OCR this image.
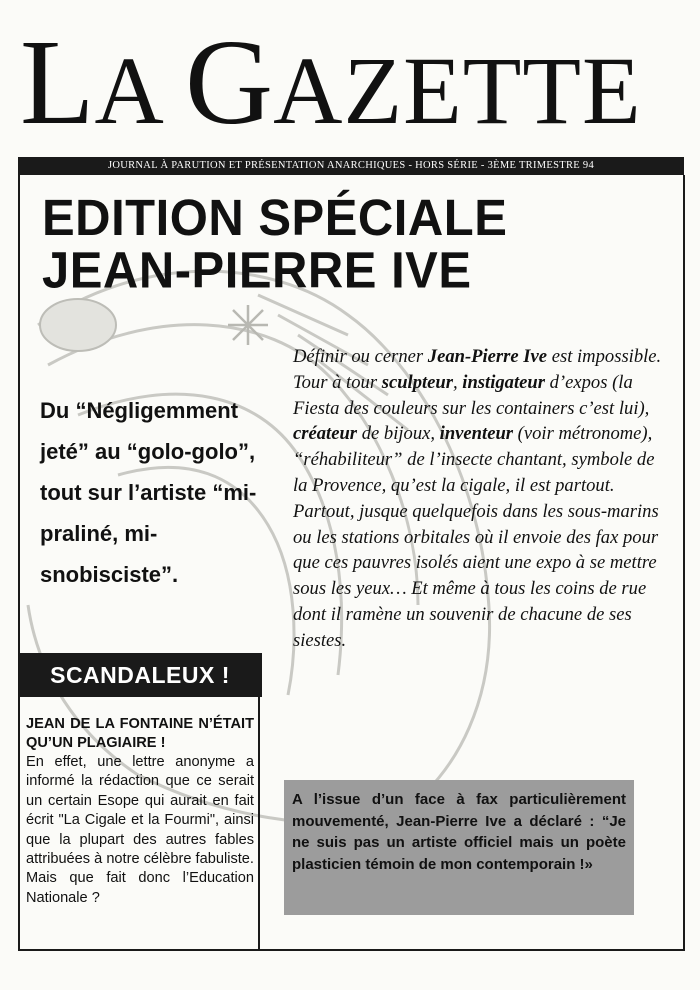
LA GAZETTE
JOURNAL À PARUTION ET PRÉSENTATION ANARCHIQUES - HORS SÉRIE - 3ÈME TRIMESTRE 94
EDITION SPÉCIALE
JEAN-PIERRE IVE
Du “Négligemment jeté” au “golo-golo”, tout sur l’artiste “mi-praliné, mi-snobisciste”.
Définir ou cerner Jean-Pierre Ive est impossible. Tour à tour sculpteur, instigateur d’expos (la Fiesta des couleurs sur les containers c’est lui), créateur de bijoux, inventeur (voir métronome), “réhabiliteur” de l’insecte chantant, symbole de la Provence, qu’est la cigale, il est partout. Partout, jusque quelquefois dans les sous-marins ou les stations orbitales où il envoie des fax pour que ces pauvres isolés aient une expo à se mettre sous les yeux… Et même à tous les coins de rue dont il ramène un souvenir de chacune de ses siestes.
SCANDALEUX !
JEAN DE LA FONTAINE N’ÉTAIT QU’UN PLAGIAIRE !

En effet, une lettre anonyme a informé la rédaction que ce serait un certain Esope qui aurait en fait écrit "La Cigale et la Fourmi", ainsi que la plupart des autres fables attribuées à notre célèbre fabuliste.

Mais que fait donc l’Education Nationale ?

A l’issue d’un face à fax particulièrement mouvementé, Jean-Pierre Ive a déclaré : “Je ne suis pas un artiste officiel mais un poète plasticien témoin de mon contemporain !»
